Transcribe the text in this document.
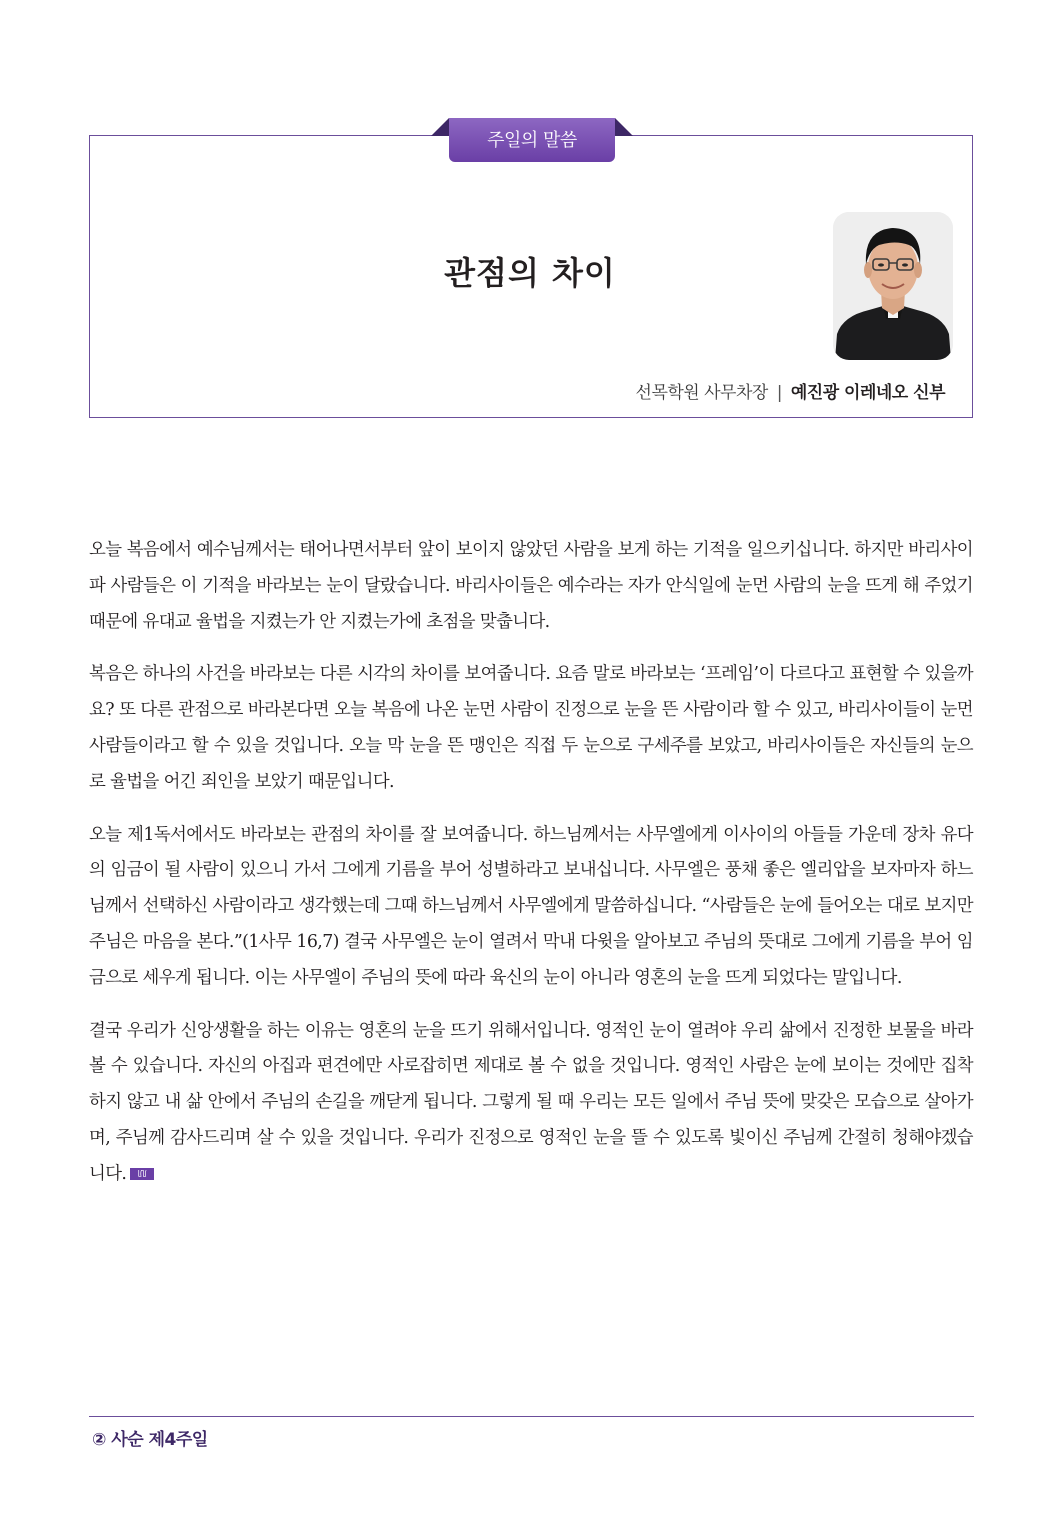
주일의 말씀
관점의 차이
선목학원 사무차장 | 예진광 이레네오 신부

오늘 복음에서 예수님께서는 태어나면서부터 앞이 보이지 않았던 사람을 보게 하는 기적을 일으키십니다. 하지만 바리사이파 사람들은 이 기적을 바라보는 눈이 달랐습니다. 바리사이들은 예수라는 자가 안식일에 눈먼 사람의 눈을 뜨게 해 주었기 때문에 유대교 율법을 지켰는가 안 지켰는가에 초점을 맞춥니다.

복음은 하나의 사건을 바라보는 다른 시각의 차이를 보여줍니다. 요즘 말로 바라보는 ‘프레임’이 다르다고 표현할 수 있을까요? 또 다른 관점으로 바라본다면 오늘 복음에 나온 눈먼 사람이 진정으로 눈을 뜬 사람이라 할 수 있고, 바리사이들이 눈먼 사람들이라고 할 수 있을 것입니다. 오늘 막 눈을 뜬 맹인은 직접 두 눈으로 구세주를 보았고, 바리사이들은 자신들의 눈으로 율법을 어긴 죄인을 보았기 때문입니다.

오늘 제1독서에서도 바라보는 관점의 차이를 잘 보여줍니다. 하느님께서는 사무엘에게 이사이의 아들들 가운데 장차 유다의 임금이 될 사람이 있으니 가서 그에게 기름을 부어 성별하라고 보내십니다. 사무엘은 풍채 좋은 엘리압을 보자마자 하느님께서 선택하신 사람이라고 생각했는데 그때 하느님께서 사무엘에게 말씀하십니다. “사람들은 눈에 들어오는 대로 보지만 주님은 마음을 본다.”(1사무 16,7) 결국 사무엘은 눈이 열려서 막내 다윗을 알아보고 주님의 뜻대로 그에게 기름을 부어 임금으로 세우게 됩니다. 이는 사무엘이 주님의 뜻에 따라 육신의 눈이 아니라 영혼의 눈을 뜨게 되었다는 말입니다.

결국 우리가 신앙생활을 하는 이유는 영혼의 눈을 뜨기 위해서입니다. 영적인 눈이 열려야 우리 삶에서 진정한 보물을 바라볼 수 있습니다. 자신의 아집과 편견에만 사로잡히면 제대로 볼 수 없을 것입니다. 영적인 사람은 눈에 보이는 것에만 집착하지 않고 내 삶 안에서 주님의 손길을 깨닫게 됩니다. 그렇게 될 때 우리는 모든 일에서 주님 뜻에 맞갖은 모습으로 살아가며, 주님께 감사드리며 살 수 있을 것입니다. 우리가 진정으로 영적인 눈을 뜰 수 있도록 빛이신 주님께 간절히 청해야겠습니다. ꡦꡦ

② 사순 제4주일
